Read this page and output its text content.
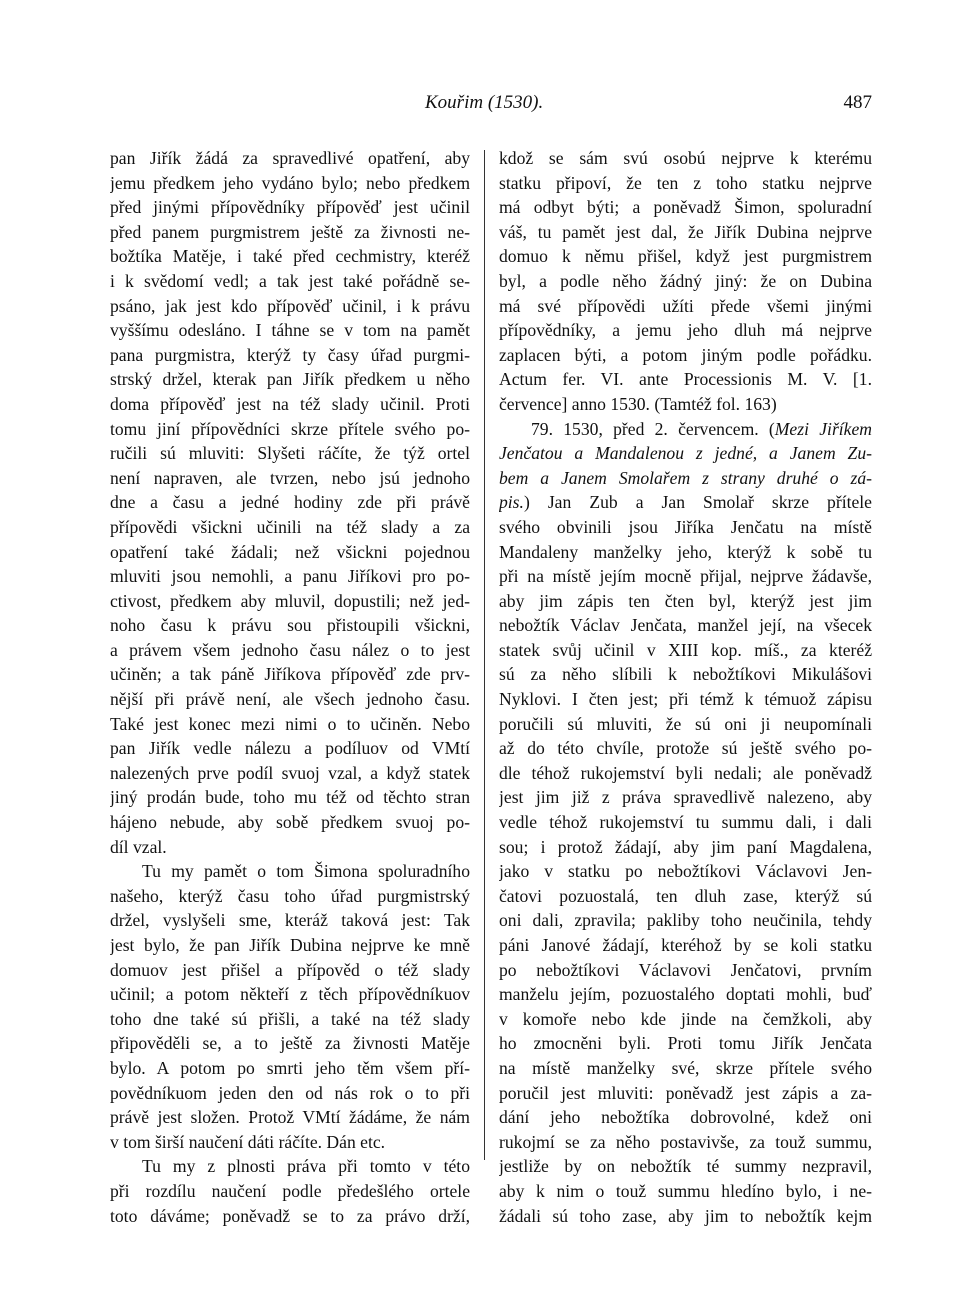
Kouřim (1530).	487
pan Jiřík žádá za spravedlivé opatření, aby
jemu předkem jeho vydáno bylo; nebo předkem
před jinými přípovědníky přípověď jest učinil
před panem purgmistrem ještě za živnosti ne-
božtíka Matěje, i také před cechmistry, kteréž
i k svědomí vedl; a tak jest také pořádně se-
psáno, jak jest kdo přípověď učinil, i k právu
vyššímu odesláno. I táhne se v tom na pamět
pana purgmistra, kterýž ty časy úřad purgmi-
strský držel, kterak pan Jiřík předkem u něho
doma přípověď jest na též slady učinil. Proti
tomu jiní přípovědníci skrze přítele svého po-
ručili sú mluviti: Slyšeti ráčíte, že týž ortel
není napraven, ale tvrzen, nebo jsú jednoho
dne a času a jedné hodiny zde při právě
přípovědi všickni učinili na též slady a za
opatření také žádali; než všickni pojednou
mluviti jsou nemohli, a panu Jiříkovi pro po-
ctivost, předkem aby mluvil, dopustili; než jed-
noho času k právu sou přistoupili všickni,
a právem všem jednoho času nález o to jest
učiněn; a tak páně Jiříkova přípověď zde prv-
nější při právě není, ale všech jednoho času.
Také jest konec mezi nimi o to učiněn. Nebo
pan Jiřík vedle nálezu a podíluov od VMtí
nalezených prve podíl svuoj vzal, a když statek
jiný prodán bude, toho mu též od těchto stran
hájeno nebude, aby sobě předkem svuoj po-
díl vzal.
Tu my pamět o tom Šimona spoluradního
našeho, kterýž času toho úřad purgmistrský
držel, vyslyšeli sme, kteráž taková jest: Tak
jest bylo, že pan Jiřík Dubina nejprve ke mně
domuov jest přišel a přípověd o též slady
učinil; a potom někteří z těch přípovědníkuov
toho dne také sú přišli, a také na též slady
připověděli se, a to ještě za živnosti Matěje
bylo. A potom po smrti jeho těm všem pří-
povědníkuom jeden den od nás rok o to při
právě jest složen. Protož VMtí žádáme, že nám
v tom širší naučení dáti ráčíte. Dán etc.
Tu my z plnosti práva při tomto v této
při rozdílu naučení podle předešlého ortele
toto dáváme; poněvadž se to za právo drží,
kdož se sám svú osobú nejprve k kterému
statku připoví, že ten z toho statku nejprve
má odbyt býti; a poněvadž Šimon, spoluradní
váš, tu pamět jest dal, že Jiřík Dubina nejprve
domuo k němu přišel, když jest purgmistrem
byl, a podle něho žádný jiný: že on Dubina
má své přípovědi užíti přede všemi jinými
přípovědníky, a jemu jeho dluh má nejprve
zaplacen býti, a potom jiným podle pořádku.
Actum fer. VI. ante Processionis M. V. [1.
července] anno 1530. (Tamtéž fol. 163)
79. 1530, před 2. červencem. (Mezi Jiříkem
Jenčatou a Mandalenou z jedné, a Janem Zu-
bem a Janem Smolařem z strany druhé o zá-
pis.) Jan Zub a Jan Smolař skrze přítele
svého obvinili jsou Jiříka Jenčatu na místě
Mandaleny manželky jeho, kterýž k sobě tu
při na místě jejím mocně přijal, nejprve žádavše,
aby jim zápis ten čten byl, kterýž jest jim
nebožtík Václav Jenčata, manžel její, na všecek
statek svůj učinil v XIII kop. míš., za kteréž
sú za něho slíbili k nebožtíkovi Mikulášovi
Nyklovi. I čten jest; při témž k témuož zápisu
poručili sú mluviti, že sú oni ji neupomínali
až do této chvíle, protože sú ještě svého po-
dle téhož rukojemství byli nedali; ale poněvadž
jest jim již z práva spravedlivě nalezeno, aby
vedle téhož rukojemství tu summu dali, i dali
sou; i protož žádají, aby jim paní Magdalena,
jako v statku po nebožtíkovi Václavovi Jen-
čatovi pozuostalá, ten dluh zase, kterýž sú
oni dali, zpravila; pakliby toho neučinila, tehdy
páni Janové žádají, kteréhož by se koli statku
po nebožtíkovi Václavovi Jenčatovi, prvním
manželu jejím, pozuostalého doptati mohli, buď
v komoře nebo kde jinde na čemžkoli, aby
ho zmocněni byli. Proti tomu Jiřík Jenčata
na místě manželky své, skrze přítele svého
poručil jest mluviti: poněvadž jest zápis a za-
dání jeho nebožtíka dobrovolné, kdež oni
rukojmí se za něho postavivše, za touž summu,
jestliže by on nebožtík té summy nezpravil,
aby k nim o touž summu hledíno bylo, i ne-
žádali sú toho zase, aby jim to nebožtík kejm
